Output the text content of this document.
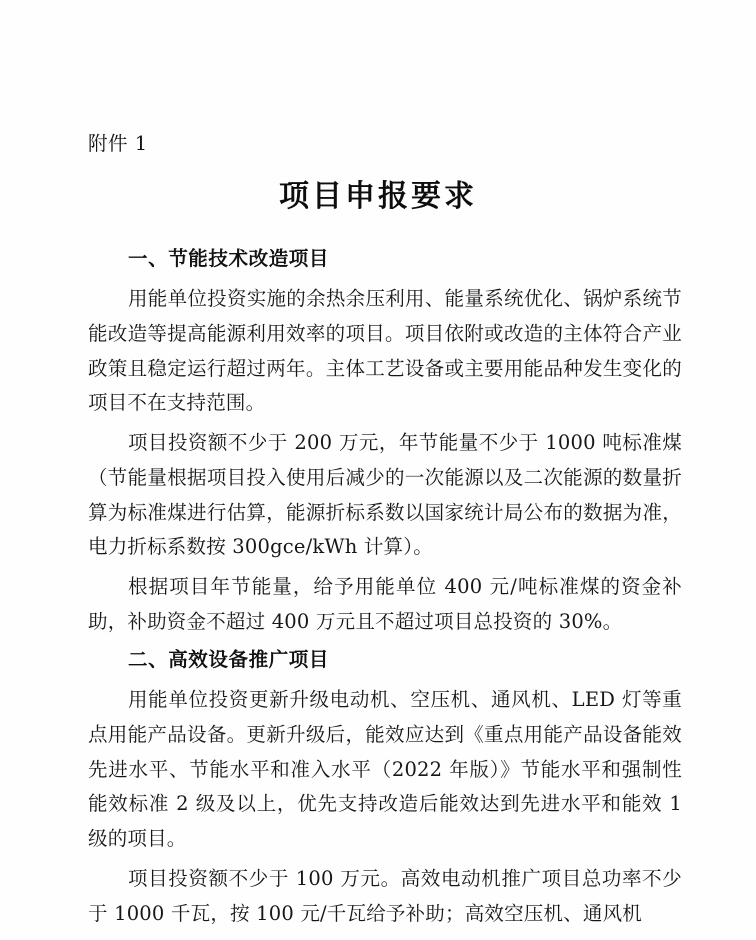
附件 1
项目申报要求
一、节能技术改造项目

用能单位投资实施的余热余压利用、能量系统优化、锅炉系统节能改造等提高能源利用效率的项目。项目依附或改造的主体符合产业政策且稳定运行超过两年。主体工艺设备或主要用能品种发生变化的项目不在支持范围。

项目投资额不少于 200 万元，年节能量不少于 1000 吨标准煤（节能量根据项目投入使用后减少的一次能源以及二次能源的数量折算为标准煤进行估算，能源折标系数以国家统计局公布的数据为准，电力折标系数按 300gce/kWh 计算）。

根据项目年节能量，给予用能单位 400 元/吨标准煤的资金补助，补助资金不超过 400 万元且不超过项目总投资的 30%。

二、高效设备推广项目

用能单位投资更新升级电动机、空压机、通风机、LED 灯等重点用能产品设备。更新升级后，能效应达到《重点用能产品设备能效先进水平、节能水平和准入水平（2022 年版）》节能水平和强制性能效标准 2 级及以上，优先支持改造后能效达到先进水平和能效 1 级的项目。

项目投资额不少于 100 万元。高效电动机推广项目总功率不少于 1000 千瓦，按 100 元/千瓦给予补助；高效空压机、通风机
